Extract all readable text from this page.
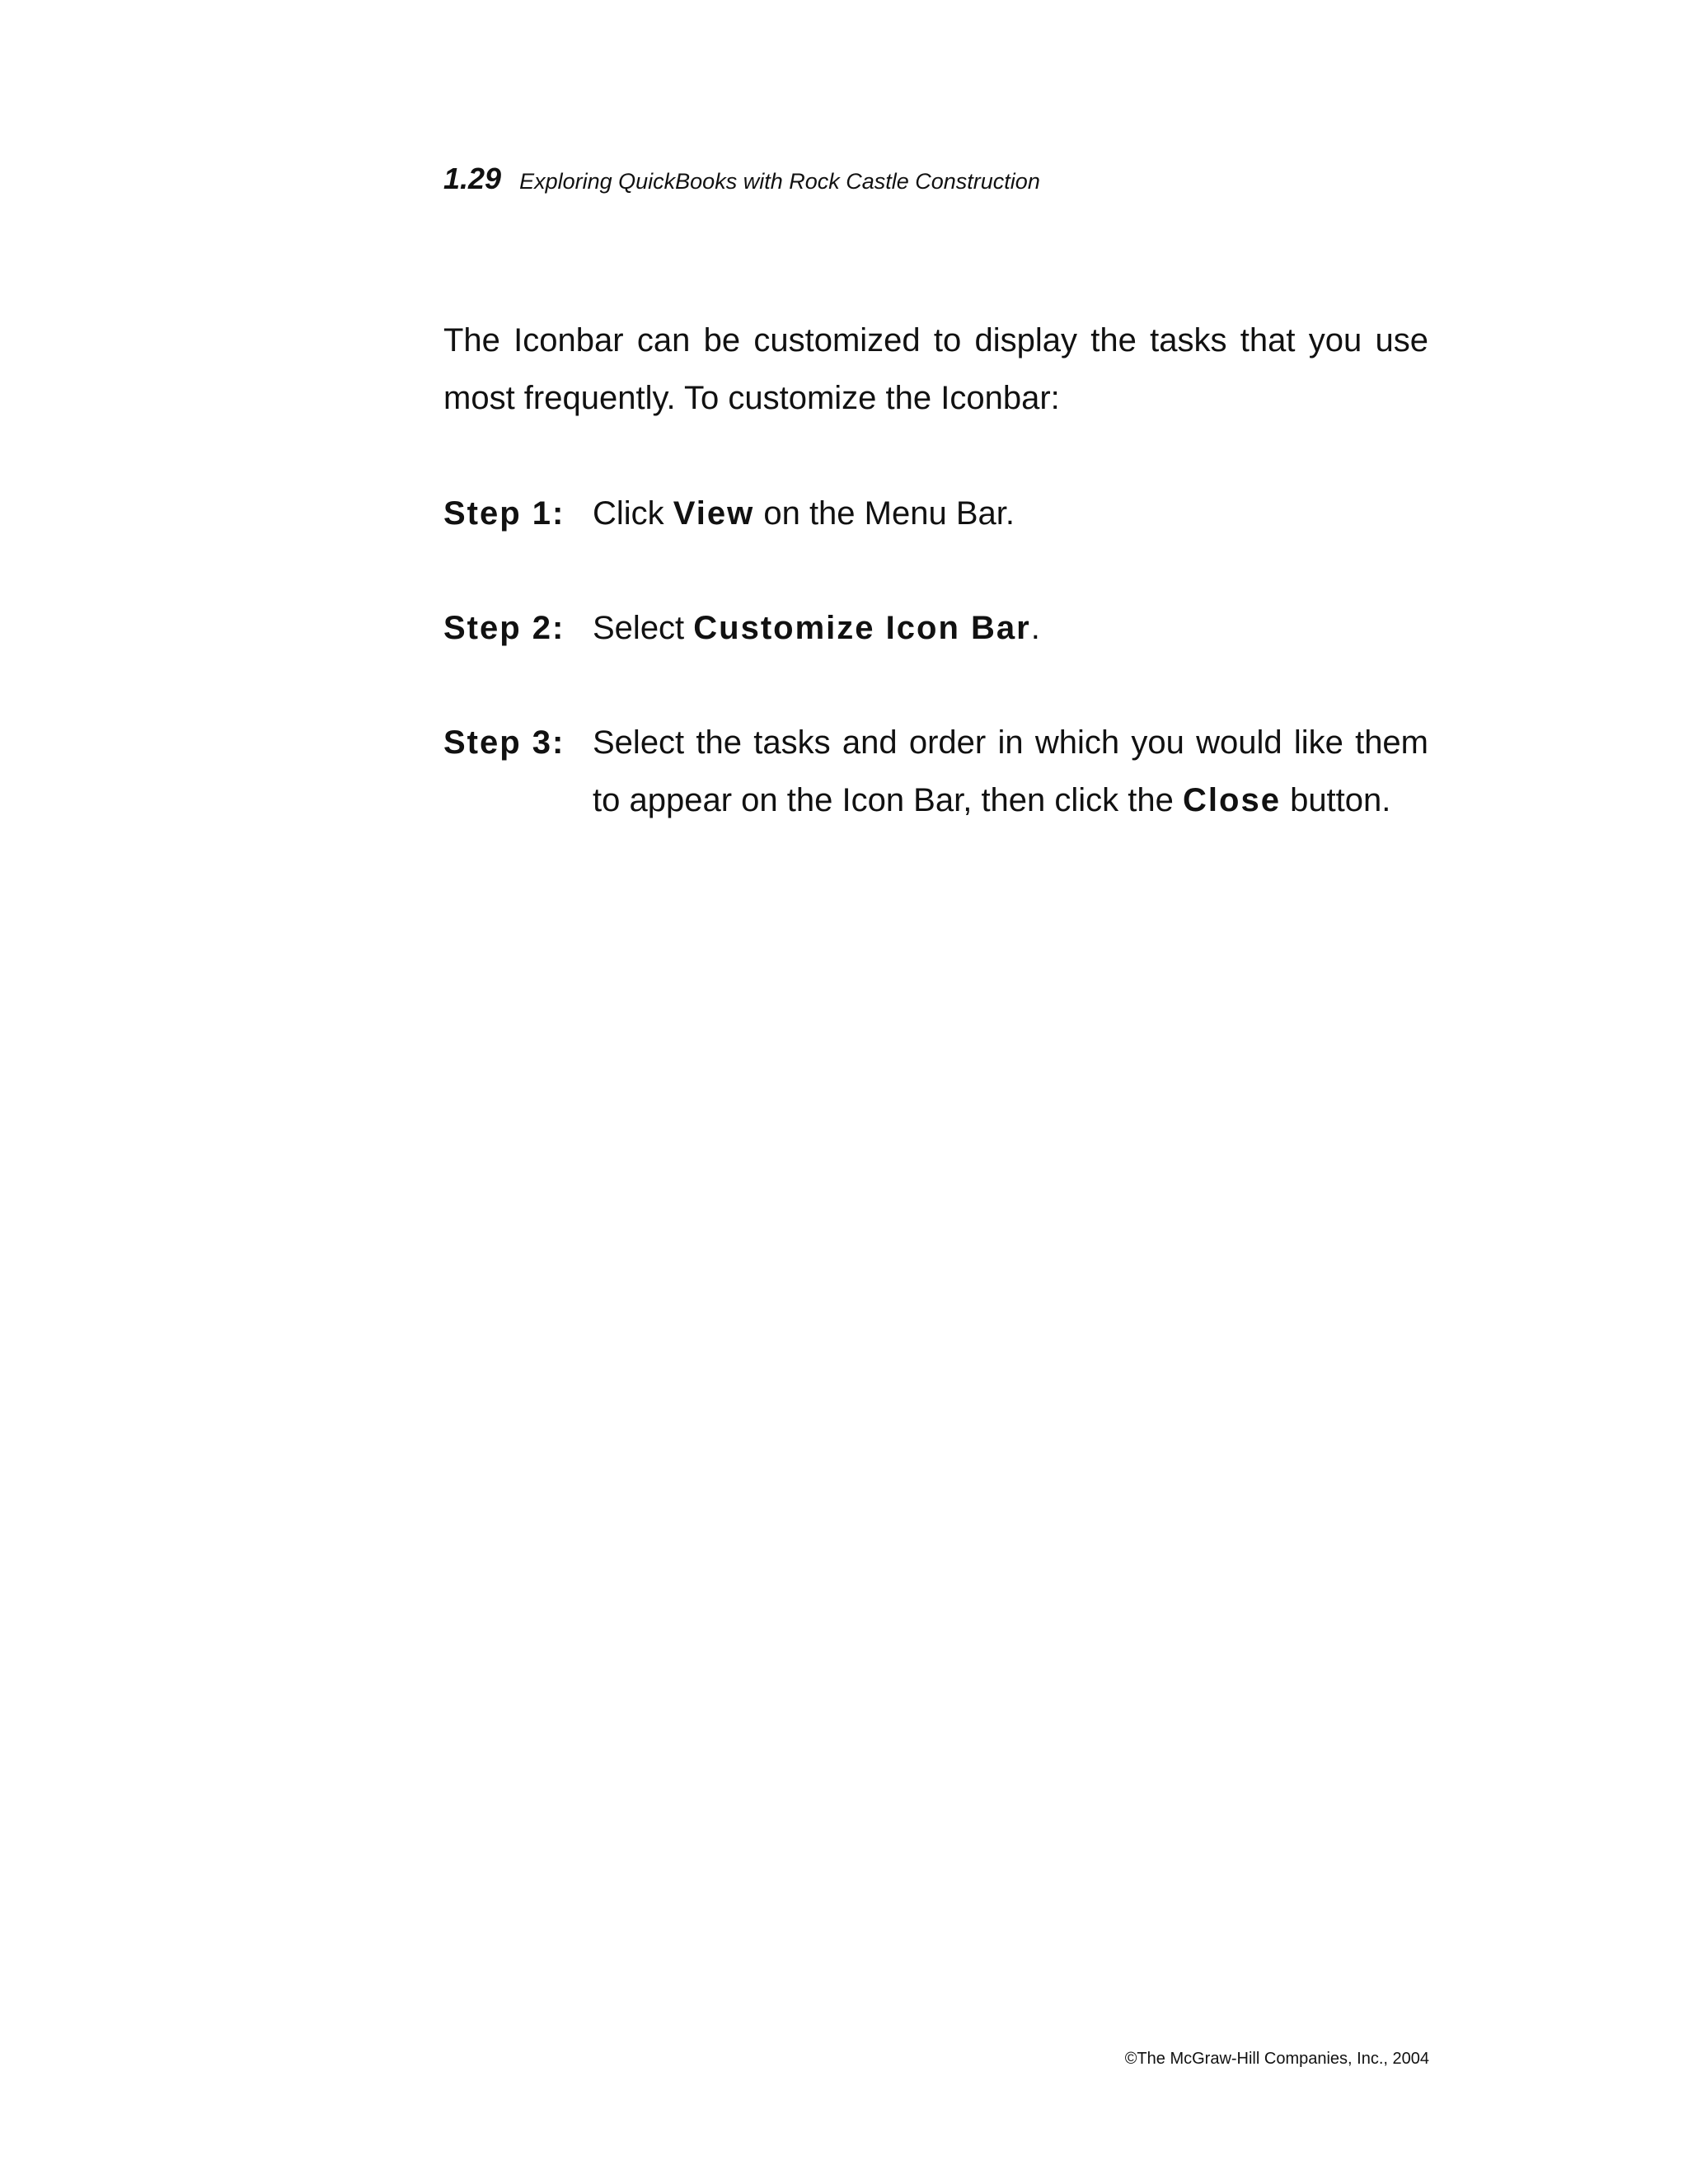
1.29 Exploring QuickBooks with Rock Castle Construction

The Iconbar can be customized to display the tasks that you use most frequently. To customize the Iconbar:

Step 1: Click View on the Menu Bar.
Step 2: Select Customize Icon Bar.
Step 3: Select the tasks and order in which you would like them to appear on the Icon Bar, then click the Close button.
©The McGraw-Hill Companies, Inc., 2004
